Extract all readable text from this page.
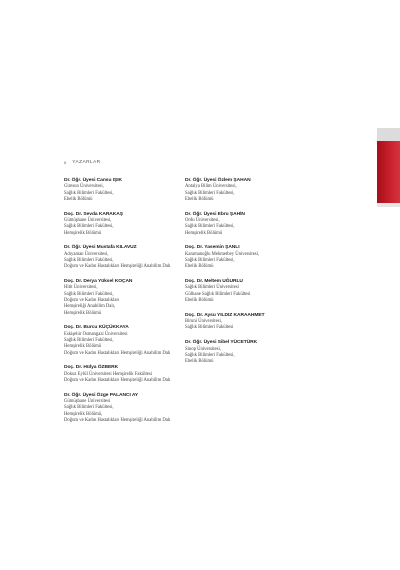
x YAZARLAR
Dr. Öğr. Üyesi Cansu IŞIK
Giresun Üniversitesi,
Sağlık Bilimleri Fakültesi,
Ebelik Bölümü
Doç. Dr. Sevda KARAKAŞ
Gümüşhane Üniversitesi,
Sağlık Bilimleri Fakültesi,
Hemşirelik Bölümü
Dr. Öğr. Üyesi Mustafa KILAVUZ
Adıyaman Üniversitesi,
Sağlık Bilimleri Fakültesi,
Doğum ve Kadın Hastalıkları Hemşireliği Anabilim Dalı
Doç. Dr. Derya Yüksel KOÇAN
Hitit Üniversitesi,
Sağlık Bilimleri Fakültesi,
Doğum ve Kadın Hastalıkları
Hemşireliği Anabilim Dalı,
Hemşirelik Bölümü
Doç. Dr. Burcu KÜÇÜKKAYA
Eskişehir Osmangazi Üniversitesi
Sağlık Bilimleri Fakültesi,
Hemşirelik Bölümü
Doğum ve Kadın Hastalıkları Hemşireliği Anabilim Dalı
Doç. Dr. Hülya ÖZBERK
Dokuz Eylül Üniversitesi Hemşirelik Fakültesi
Doğum ve Kadın Hastalıkları Hemşireliği Anabilim Dalı
Dr. Öğr. Üyesi Özge PALANCI AY
Gümüşhane Üniversitesi
Sağlık Bilimleri Fakültesi,
Hemşirelik Bölümü,
Doğum ve Kadın Hastalıkları Hemşireliği Anabilim Dalı
Dr. Öğr. Üyesi Özlem ŞAHAN
Antalya Bilim Üniversitesi,
Sağlık Bilimleri Fakültesi,
Ebelik Bölümü
Dr. Öğr. Üyesi Ebru ŞAHİN
Ordu Üniversitesi,
Sağlık Bilimleri Fakültesi,
Hemşirelik Bölümü
Doç. Dr. Yasemin ŞANLI
Karamanoğlu Mehmetbey Üniversitesi,
Sağlık Bilimleri Fakültesi,
Ebelik Bölümü
Doç. Dr. Meltem UĞURLU
Sağlık Bilimleri Üniversitesi
Gülhane Sağlık Bilimleri Fakültesi
Ebelik Bölümü
Doç. Dr. Aysu YILDIZ KARAAHMET
Biruni Üniversitesi,
Sağlık Bilimleri Fakültesi
Dr. Öğr. Üyesi Sibel YÜCETÜRK
Sinop Üniversitesi,
Sağlık Bilimleri Fakültesi,
Ebelik Bölümü
